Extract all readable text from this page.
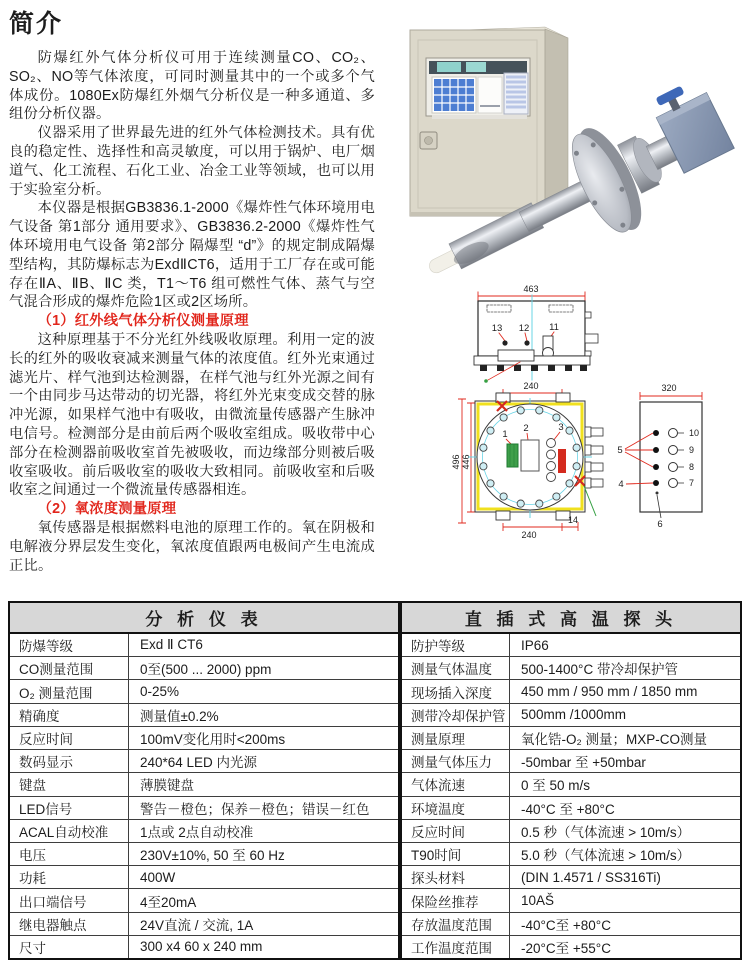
简介

防爆红外气体分析仪可用于连续测量CO、CO₂、SO₂、NO等气体浓度，可同时测量其中的一个或多个气体成份。1080Ex防爆红外烟气分析仪是一种多通道、多组份分析仪器。

仪器采用了世界最先进的红外气体检测技术。具有优良的稳定性、选择性和高灵敏度，可以用于锅炉、电厂烟道气、化工流程、石化工业、冶金工业等领域，也可以用于实验室分析。

本仪器是根据GB3836.1-2000《爆炸性气体环境用电气设备 第1部分 通用要求》、GB3836.2-2000《爆炸性气体环境用电气设备 第2部分 隔爆型 “d”》的规定制成隔爆型结构，其防爆标志为ExdⅡCT6，适用于工厂存在或可能存在ⅡA、ⅡB、ⅡC 类，T1～T6 组可燃性气体、蒸气与空气混合形成的爆炸危险1区或2区场所。

（1）红外线气体分析仪测量原理

这种原理基于不分光红外线吸收原理。利用一定的波长的红外的吸收衰减来测量气体的浓度值。红外光束通过滤光片、样气池到达检测器，在样气池与红外光源之间有一个由同步马达带动的切光器，将红外光束变成交替的脉冲光源，如果样气池中有吸收，由微流量传感器产生脉冲电信号。检测部分是由前后两个吸收室组成。吸收带中心部分在检测器前吸收室首先被吸收，而边缘部分则被后吸收室吸收。前后吸收室的吸收大致相同。前吸收室和后吸收室之间通过一个微流量传感器相连。

（2）氧浓度测量原理

氧传感器是根据燃料电池的原理工作的。氧在阴极和电解液分界层发生变化，氧浓度值跟两电极间产生电流成正比。

463
13 12 11
240
496 446
1
2	3
240
14
320
10
9
8
7
5
4
6
分 析 仪 表
防爆等级	Exd Ⅱ CT6
CO测量范围	0至(500 ... 2000) ppm
O₂ 测量范围	0-25%
精确度	测量值±0.2%
反应时间	100mV变化用时<200ms
数码显示	240*64 LED 内光源
键盘	薄膜键盘
LED信号	警告－橙色；保养－橙色；错误－红色
ACAL自动校准	1点或 2点自动校准
电压	230V±10%, 50 至 60 Hz
功耗	400W
出口端信号	4至20mA
继电器触点	24V直流 / 交流, 1A
尺寸	300 x4 60 x 240 mm
直 插 式 高 温 探 头
防护等级	IP66
测量气体温度	500-1400°C 带冷却保护管
现场插入深度	450 mm / 950 mm / 1850 mm
测带冷却保护管	500mm /1000mm
测量原理	氧化锆-O₂ 测量；MXP-CO测量
测量气体压力	-50mbar 至 +50mbar
气体流速	0 至 50 m/s
环境温度	-40°C 至 +80°C
反应时间	0.5 秒（气体流速 > 10m/s）
T90时间	5.0 秒（气体流速 > 10m/s）
探头材料	(DIN 1.4571 / SS316Ti)
保险丝推荐	10AŠ
存放温度范围	-40°C至 +80°C
工作温度范围	-20°C至 +55°C
